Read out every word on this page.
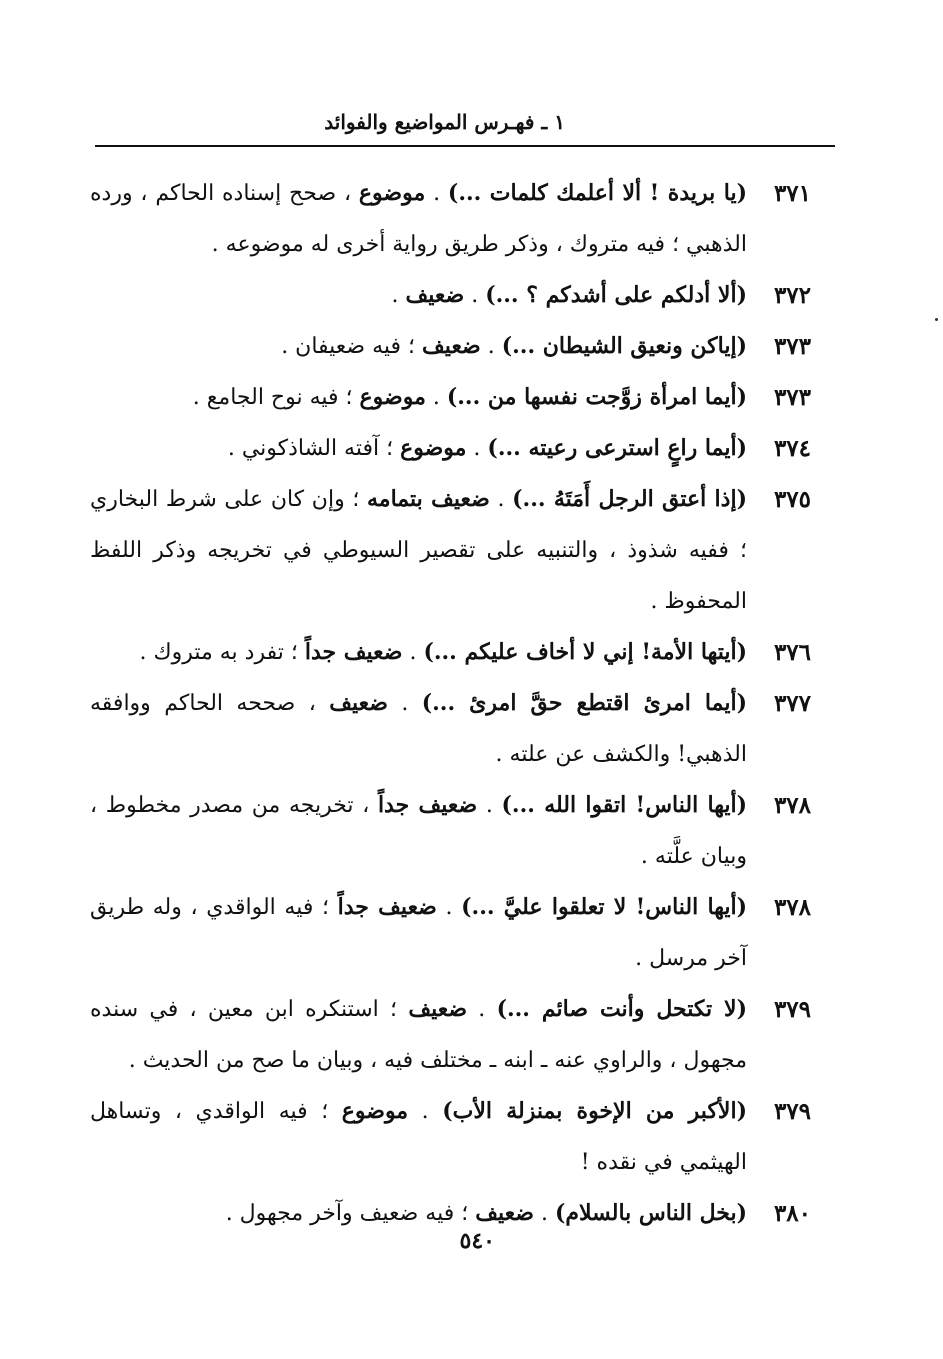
١ ـ فهـرس المواضيع والفوائد
٣٧١
(يا بريدة ! ألا أعلمك كلمات ...) . موضوع ، صحح إسناده الحاكم ، ورده الذهبي ؛ فيه متروك ، وذكر طريق رواية أخرى له موضوعه .
٣٧٢
(ألا أدلكم على أشدكم ؟ ...) . ضعيف .
٣٧٣
(إياكن ونعيق الشيطان ...) . ضعيف ؛ فيه ضعيفان .
٣٧٣
(أيما امرأة زوَّجت نفسها من ...) . موضوع ؛ فيه نوح الجامع .
٣٧٤
(أيما راعٍ استرعى رعيته ...) . موضوع ؛ آفته الشاذكوني .
٣٧٥
(إذا أعتق الرجل أَمَتَهُ ...) . ضعيف بتمامه ؛ وإن كان على شرط البخاري ؛ ففيه شذوذ ، والتنبيه على تقصير السيوطي في تخريجه وذكر اللفظ المحفوظ .
٣٧٦
(أيتها الأمة! إني لا أخاف عليكم ...) . ضعيف جداً ؛ تفرد به متروك .
٣٧٧
(أيما امرئ اقتطع حقَّ امرئ ...) . ضعيف ، صححه الحاكم ووافقه الذهبي! والكشف عن علته .
٣٧٨
(أيها الناس! اتقوا الله ...) . ضعيف جداً ، تخريجه من مصدر مخطوط ، وبيان علَّته .
٣٧٨
(أيها الناس! لا تعلقوا عليَّ ...) . ضعيف جداً ؛ فيه الواقدي ، وله طريق آخر مرسل .
٣٧٩
(لا تكتحل وأنت صائم ...) . ضعيف ؛ استنكره ابن معين ، في سنده مجهول ، والراوي عنه ـ ابنه ـ مختلف فيه ، وبيان ما صح من الحديث .
٣٧٩
(الأكبر من الإخوة بمنزلة الأب) . موضوع ؛ فيه الواقدي ، وتساهل الهيثمي في نقده !
٣٨٠
(بخل الناس بالسلام) . ضعيف ؛ فيه ضعيف وآخر مجهول .
٥٤٠
